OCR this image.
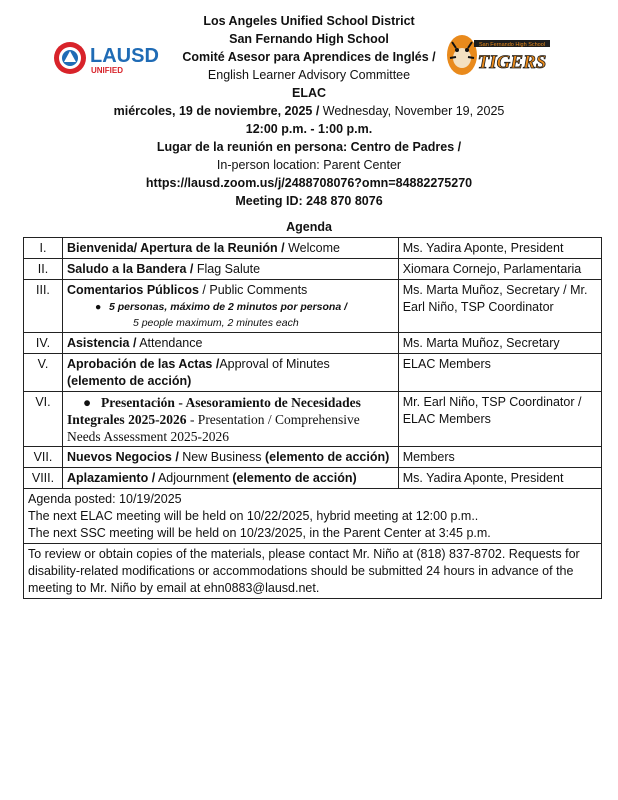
LAUSD
UNIFIED
San Fernando High School
TIGERS
Los Angeles Unified School District
San Fernando High School
Comité Asesor para Aprendices de Inglés /
English Learner Advisory Committee
ELAC
miércoles, 19 de noviembre, 2025 / Wednesday, November 19, 2025
12:00 p.m. - 1:00 p.m.
Lugar de la reunión en persona: Centro de Padres /
In-person location: Parent Center
https://lausd.zoom.us/j/2488708076?omn=84882275270
Meeting ID: 248 870 8076
Agenda
I.	Bienvenida/ Apertura de la Reunión / Welcome	Ms. Yadira Aponte, President
II.	Saludo a la Bandera / Flag Salute	Xiomara Cornejo, Parlamentaria
III.	Comentarios Públicos / Public Comments
● 5 personas, máximo de 2 minutos por persona /
5 people maximum, 2 minutes each	Ms. Marta Muñoz, Secretary / Mr. Earl Niño, TSP Coordinator
IV.	Asistencia / Attendance	Ms. Marta Muñoz, Secretary
V.	Aprobación de las Actas /Approval of Minutes
(elemento de acción)	ELAC Members
VI.	● Presentación - Asesoramiento de Necesidades Integrales 2025-2026 - Presentation / Comprehensive Needs Assessment 2025-2026	Mr. Earl Niño, TSP Coordinator / ELAC Members
VII.	Nuevos Negocios / New Business (elemento de acción)	Members
VIII.	Aplazamiento / Adjournment (elemento de acción)	Ms. Yadira Aponte, President

Agenda posted: 10/19/2025
The next ELAC meeting will be held on 10/22/2025, hybrid meeting at 12:00 p.m..
The next SSC meeting will be held on 10/23/2025, in the Parent Center at 3:45 p.m.		

To review or obtain copies of the materials, please contact Mr. Niño at (818) 837-8702. Requests for disability-related modifications or accommodations should be submitted 24 hours in advance of the meeting to Mr. Niño by email at ehn0883@lausd.net.		
